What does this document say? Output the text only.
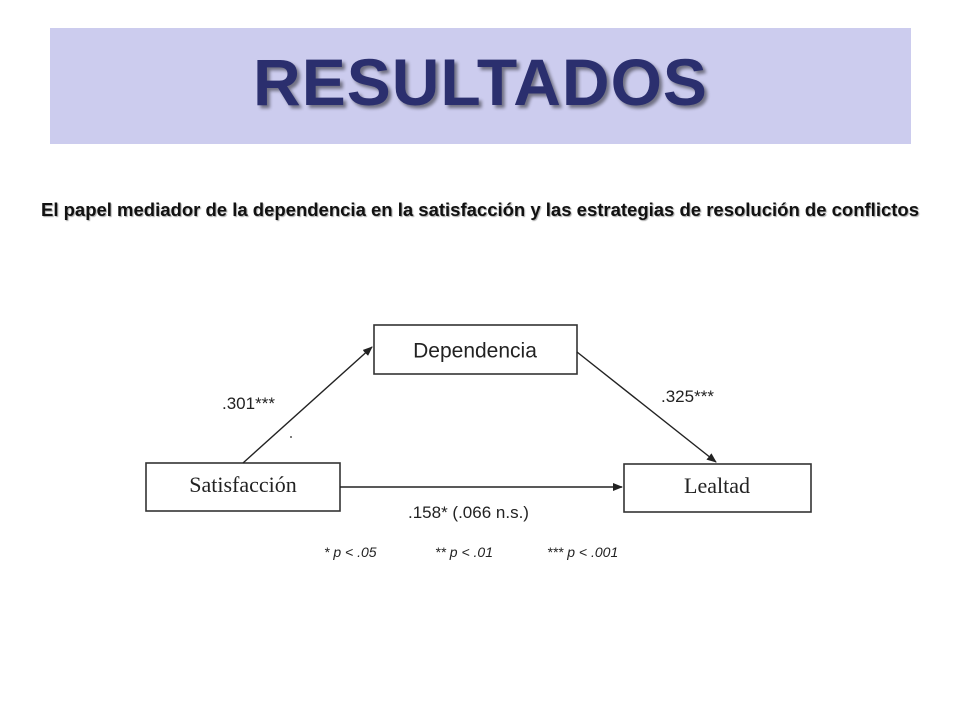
RESULTADOS
El papel mediador de la dependencia en la satisfacción y las estrategias de resolución de conflictos
Dependencia
Satisfacción	Lealtad
.301***	.325***
.158* (.066 n.s.)
* p < .05	** p < .01	*** p < .001
